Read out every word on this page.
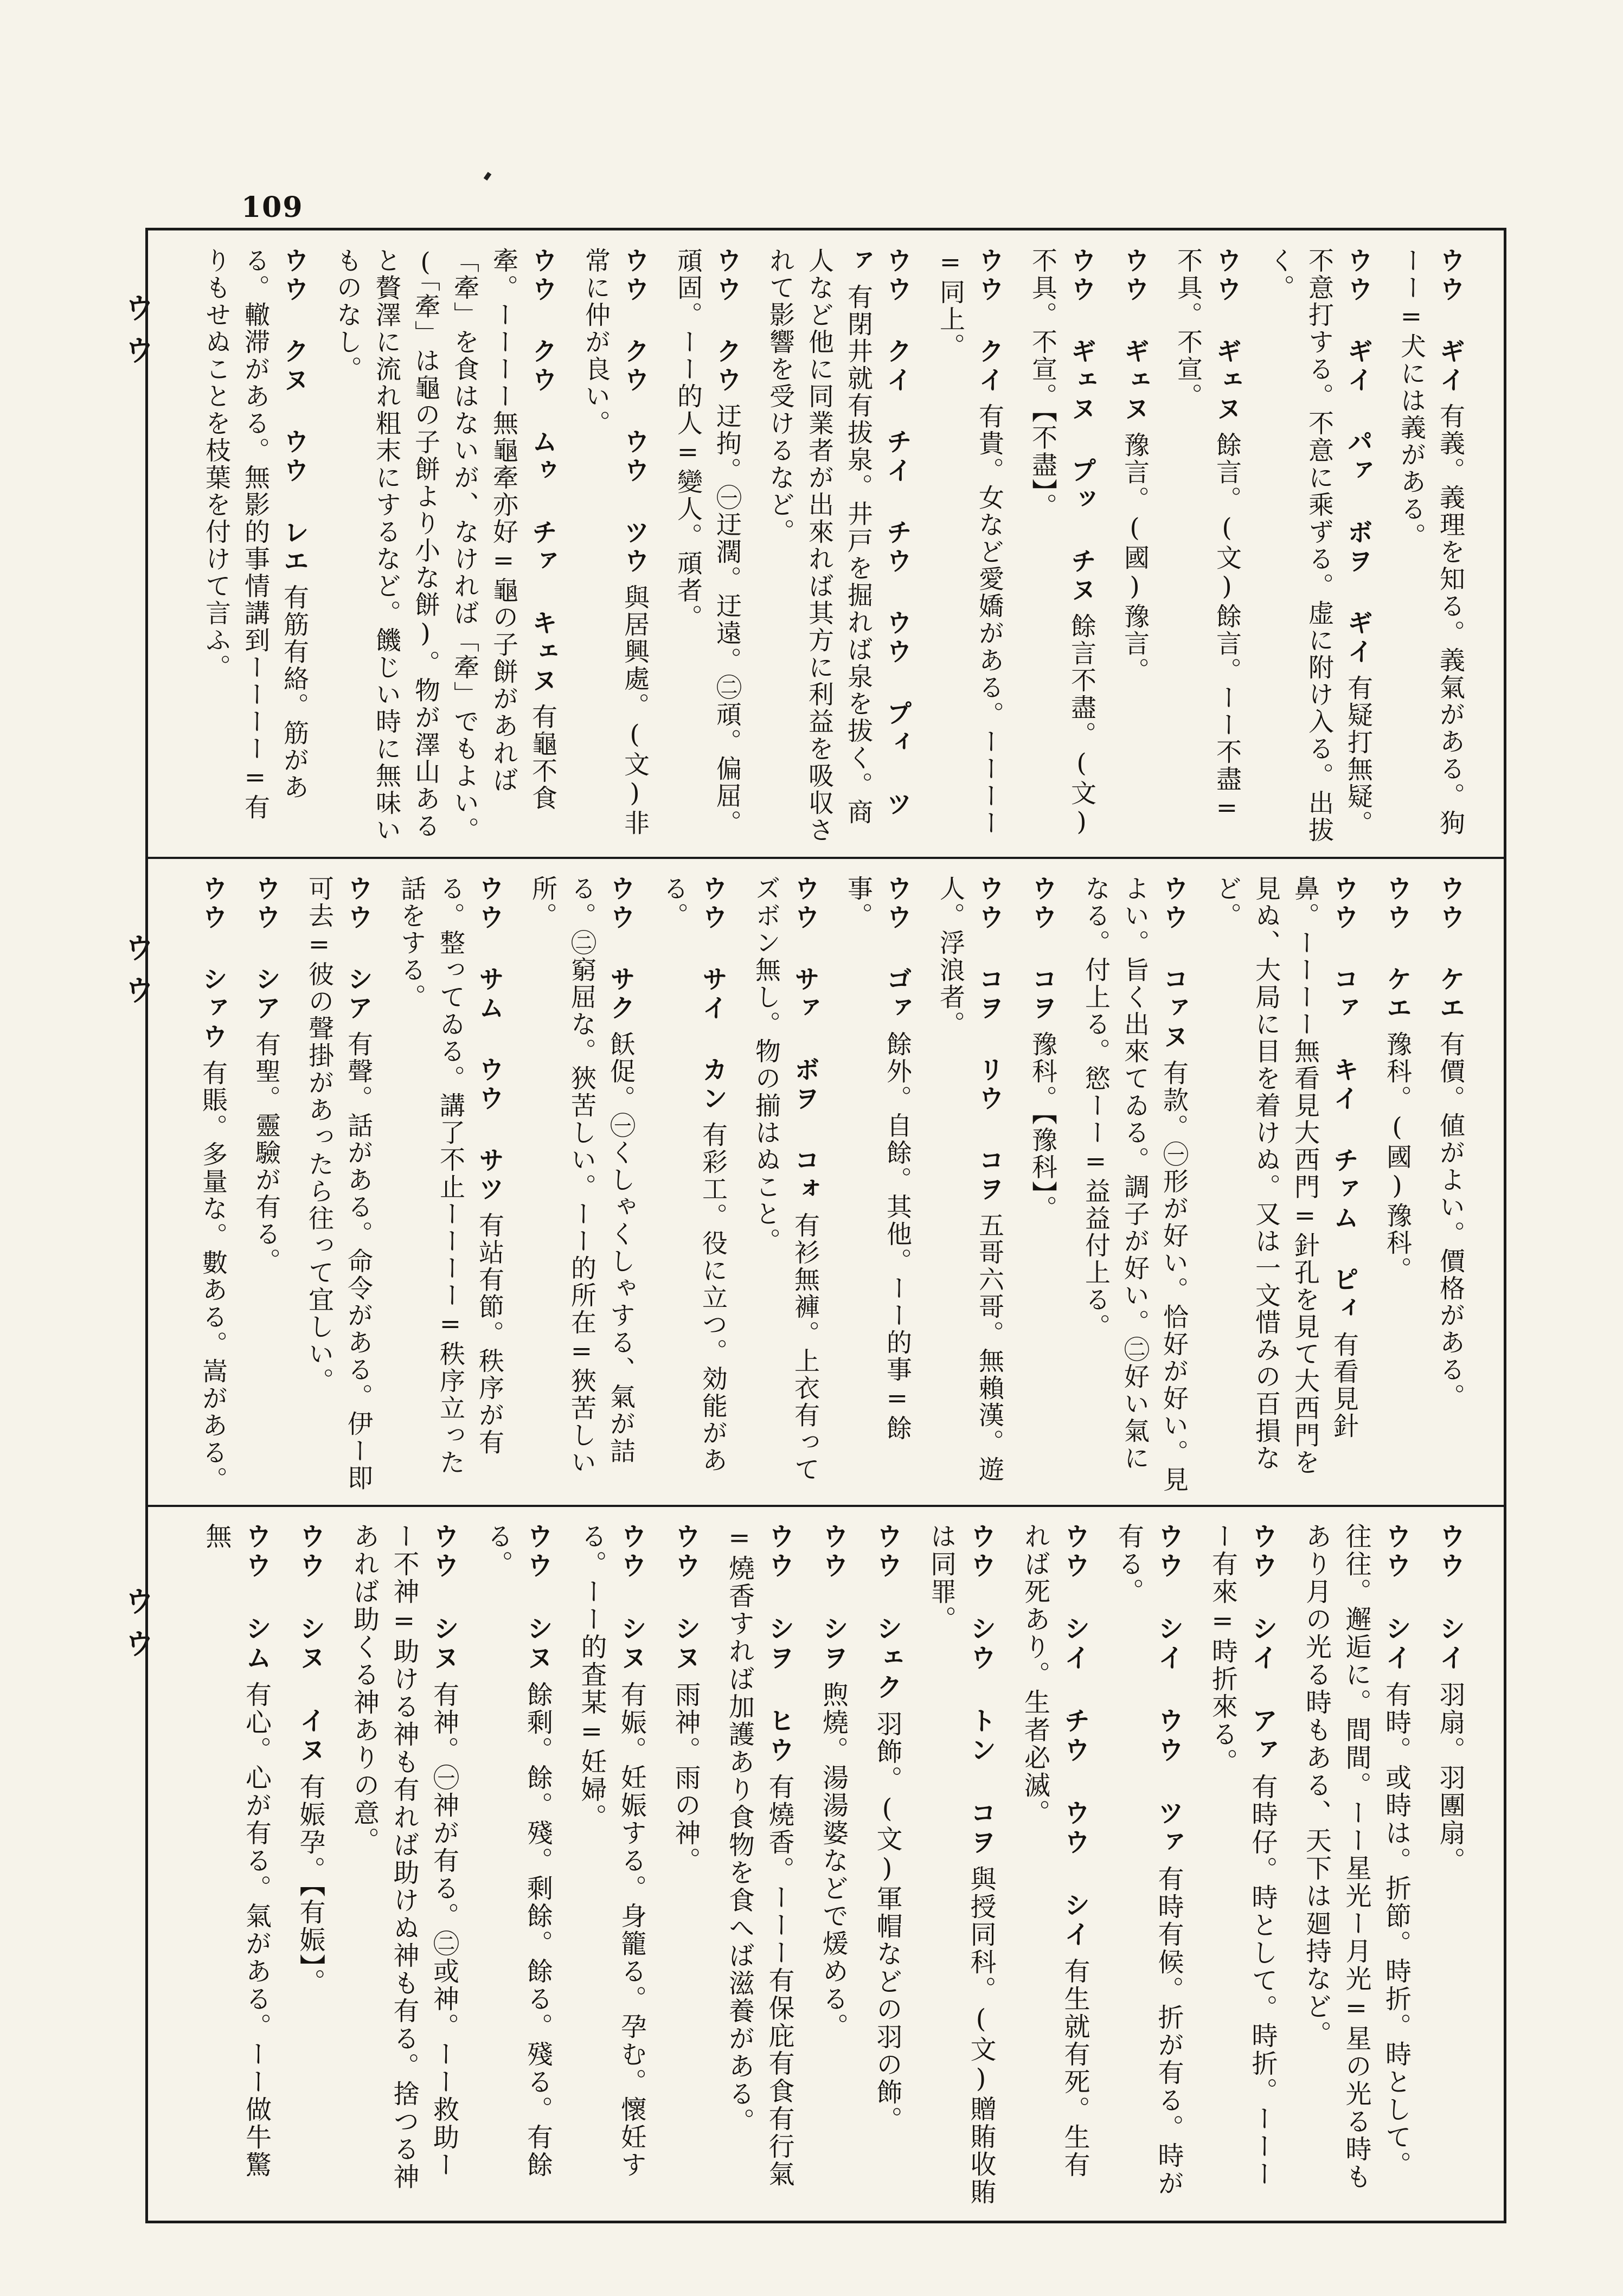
109
ウウ
ウウ
ウウ
ウウ ギイ有義。義理を知る。義氣がある。狗ーー=犬には義がある。
ウウ ギイ パァ ボヲ ギイ有疑打無疑。不意打する。不意に乘ずる。虚に附け入る。出拔く。
ウウ ギェヌ餘言。(文)餘言。ーー不盡=不具。不宣。
ウウ ギェヌ豫言。(國)豫言。
ウウ ギェヌ プッ チヌ餘言不盡。(文)不具。不宣。【不盡】。
ウウ クイ有貴。女など愛嬌がある。ーーーー=同上。
ウウ クイ チイ チウ ウウ プィ ツァ有閉井就有拔泉。井戸を掘れば泉を拔く。商人など他に同業者が出來れば其方に利益を吸収されて影響を受けるなど。
ウウ クウ迂拘。㊀迂濶。迂遠。㊁頑。偏屈。頑固。ーー的人=變人。頑者。
ウウ クウ ウウ ツウ與居興處。(文)非常に仲が良い。
ウウ クウ ムゥ チァ キェヌ有龜不食牽。ーーーー無龜牽亦好=龜の子餅があれば「牽」を食はないが、なければ「牽」でもよい。(「牽」は龜の子餅より小な餅)。物が澤山あると贅澤に流れ粗末にするなど。饑じい時に無味いものなし。
ウウ クヌ ウウ レエ有筋有絡。筋がある。轍滞がある。無影的事情講到ーーーー=有りもせぬことを枝葉を付けて言ふ。
ウウ ケエ有價。値がよい。價格がある。
ウウ ケエ豫科。(國)豫科。
ウウ コァ キイ チァム ピィ有看見針鼻。ーーーー無看見大西門=針孔を見て大西門を見ぬ、大局に目を着けぬ。又は一文惜みの百損など。
ウウ コァヌ有款。㊀形が好い。恰好が好い。見よい。旨く出來てゐる。調子が好い。㊁好い氣になる。付上る。慾ーー=益益付上る。
ウウ コヲ豫科。【豫科】。
ウウ コヲ リウ コヲ五哥六哥。無賴漢。遊人。浮浪者。
ウウ ゴァ餘外。自餘。其他。ーー的事=餘事。
ウウ サァ ボヲ コォ有衫無褲。上衣有ってズボン無し。物の揃はぬこと。
ウウ サイ カン有彩工。役に立つ。効能がある。
ウウ サク飫促。㊀くしゃくしゃする、氣が詰る。㊁窮屈な。狹苦しい。ーー的所在=狹苦しい所。
ウウ サム ウウ サツ有站有節。秩序が有る。整ってゐる。講了不止ーーーー=秩序立った話をする。
ウウ シア有聲。話がある。命令がある。伊ー即可去=彼の聲掛があったら往って宜しい。
ウウ シア有聖。靈驗が有る。
ウウ シァウ有賬。多量な。數ある。嵩がある。
ウウ シイ羽扇。羽團扇。
ウウ シイ有時。或時は。折節。時折。時として。往往。邂逅に。間間。ーー星光ー月光=星の光る時もあり月の光る時もある、天下は廻持など。
ウウ シイ アァ有時仔。時として。時折。ーーーー有來=時折來る。
ウウ シイ ウウ ツァ有時有候。折が有る。時が有る。
ウウ シイ チウ ウウ シイ有生就有死。生有れば死あり。生者必滅。
ウウ シウ トン コヲ與授同科。(文)贈賄收賄は同罪。
ウウ シェク羽飾。(文)軍帽などの羽の飾。
ウウ シヲ煦燒。湯湯婆などで煖める。
ウウ シヲ ヒウ有燒香。ーーー有保庇有食有行氣=燒香すれば加護あり食物を食へば滋養がある。
ウウ シヌ雨神。雨の神。
ウウ シヌ有娠。妊娠する。身籠る。孕む。懷妊する。ーー的査某=妊婦。
ウウ シヌ餘剩。餘。殘。剩餘。餘る。殘る。有餘る。
ウウ シヌ有神。㊀神が有る。㊁或神。ーー救助ーー不神=助ける神も有れば助けぬ神も有る。捨つる神あれば助くる神ありの意。
ウウ シヌ イヌ有娠孕。【有娠】。
ウウ シム有心。心が有る。氣がある。ーー做牛驚無
